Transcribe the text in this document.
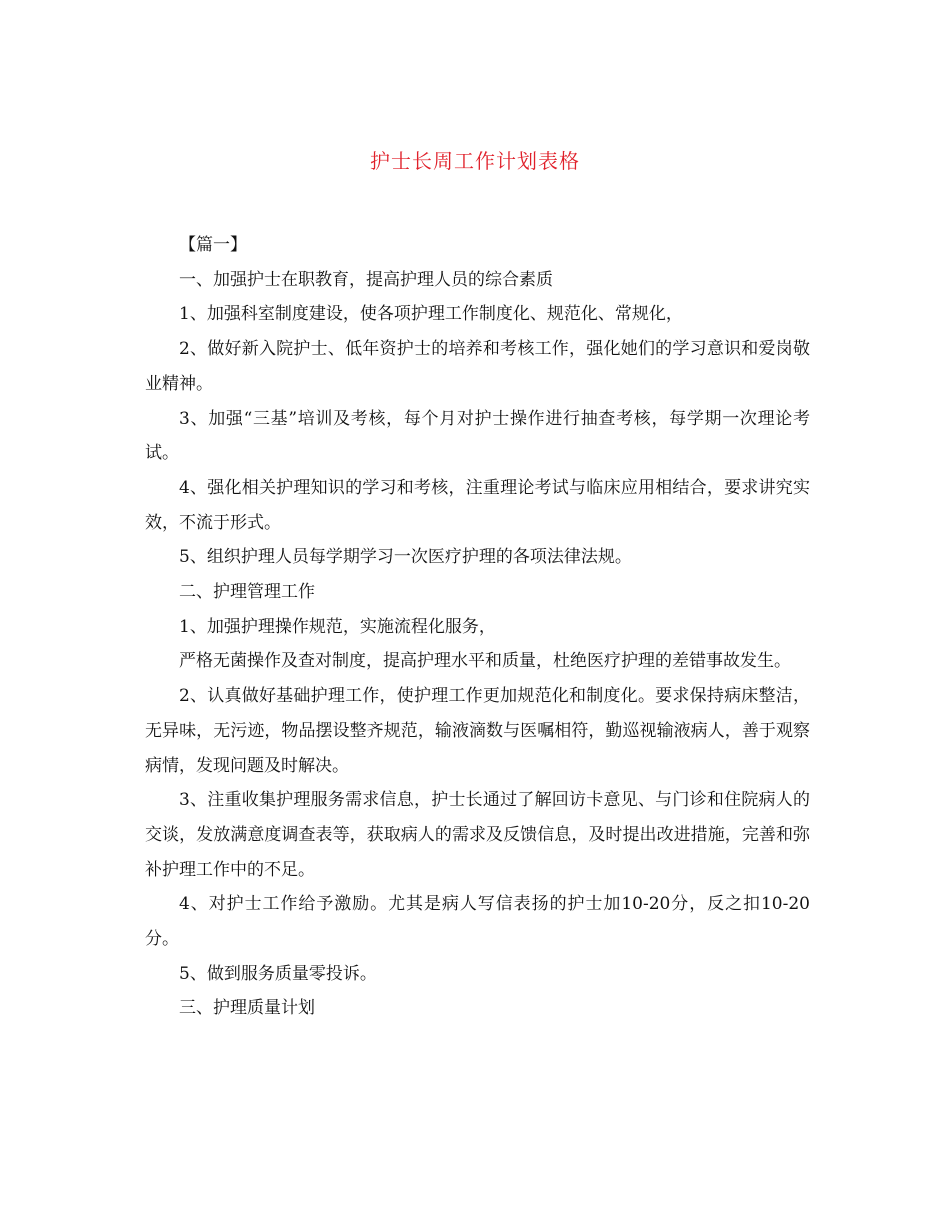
护士长周工作计划表格

【篇一】

一、加强护士在职教育，提高护理人员的综合素质

1、加强科室制度建设，使各项护理工作制度化、规范化、常规化，

2、做好新入院护士、低年资护士的培养和考核工作，强化她们的学习意识和爱岗敬业精神。

3、加强“三基”培训及考核，每个月对护士操作进行抽查考核，每学期一次理论考试。

4、强化相关护理知识的学习和考核，注重理论考试与临床应用相结合，要求讲究实效，不流于形式。

5、组织护理人员每学期学习一次医疗护理的各项法律法规。

二、护理管理工作

1、加强护理操作规范，实施流程化服务，

严格无菌操作及查对制度，提高护理水平和质量，杜绝医疗护理的差错事故发生。

2、认真做好基础护理工作，使护理工作更加规范化和制度化。要求保持病床整洁，无异味，无污迹，物品摆设整齐规范，输液滴数与医嘱相符，勤巡视输液病人，善于观察病情，发现问题及时解决。

3、注重收集护理服务需求信息，护士长通过了解回访卡意见、与门诊和住院病人的交谈，发放满意度调查表等，获取病人的需求及反馈信息，及时提出改进措施，完善和弥补护理工作中的不足。

4、对护士工作给予激励。尤其是病人写信表扬的护士加10-20分，反之扣10-20分。

5、做到服务质量零投诉。

三、护理质量计划
